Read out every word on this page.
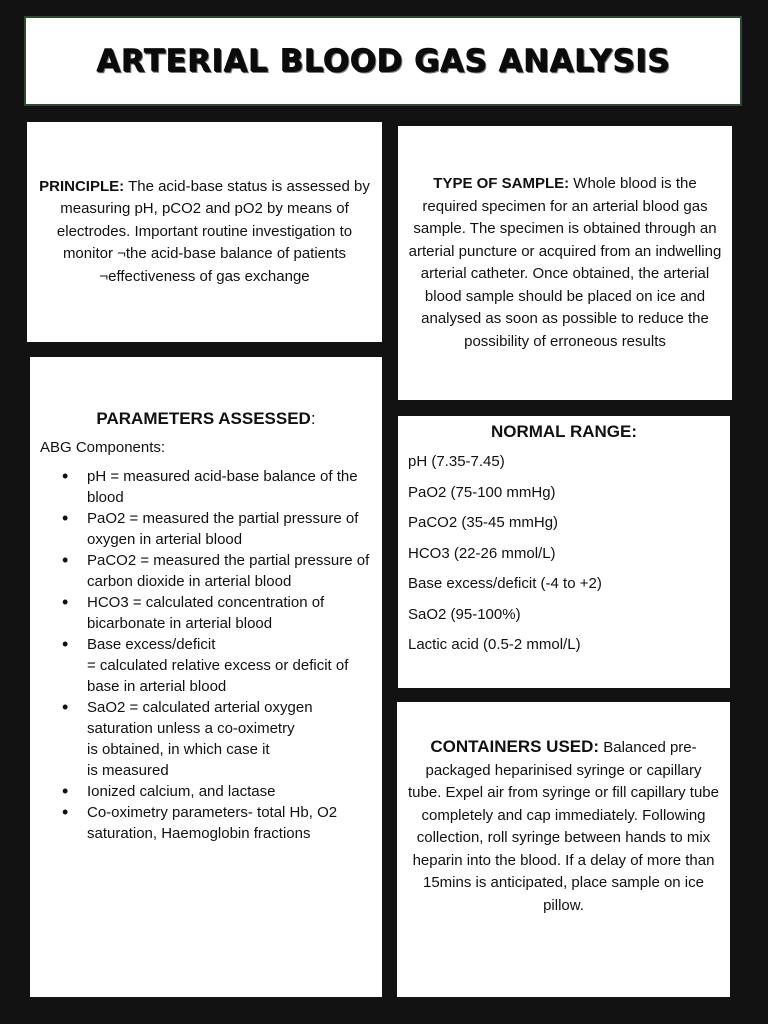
ARTERIAL BLOOD GAS ANALYSIS

PRINCIPLE: The acid-base status is assessed by measuring pH, pCO2 and pO2 by means of electrodes. Important routine investigation to monitor ¬the acid-base balance of patients ¬effectiveness of gas exchange

TYPE OF SAMPLE: Whole blood is the required specimen for an arterial blood gas sample. The specimen is obtained through an arterial puncture or acquired from an indwelling arterial catheter. Once obtained, the arterial blood sample should be placed on ice and analysed as soon as possible to reduce the possibility of erroneous results

PARAMETERS ASSESSED:
ABG Components:
• pH = measured acid-base balance of the blood
• PaO2 = measured the partial pressure of oxygen in arterial blood
• PaCO2 = measured the partial pressure of carbon dioxide in arterial blood
• HCO3 = calculated concentration of bicarbonate in arterial blood
• Base excess/deficit
= calculated relative excess or deficit of base in arterial blood
• SaO2 = calculated arterial oxygen saturation unless a co-oximetry
is obtained, in which case it
is measured
• Ionized calcium, and lactase
• Co-oximetry parameters- total Hb, O2 saturation, Haemoglobin fractions
NORMAL RANGE:
pH (7.35-7.45)
PaO2 (75-100 mmHg)
PaCO2 (35-45 mmHg)
HCO3 (22-26 mmol/L)
Base excess/deficit (-4 to +2)
SaO2 (95-100%)
Lactic acid (0.5-2 mmol/L)

CONTAINERS USED: Balanced pre-packaged heparinised syringe or capillary tube. Expel air from syringe or fill capillary tube completely and cap immediately. Following collection, roll syringe between hands to mix heparin into the blood. If a delay of more than 15mins is anticipated, place sample on ice pillow.
